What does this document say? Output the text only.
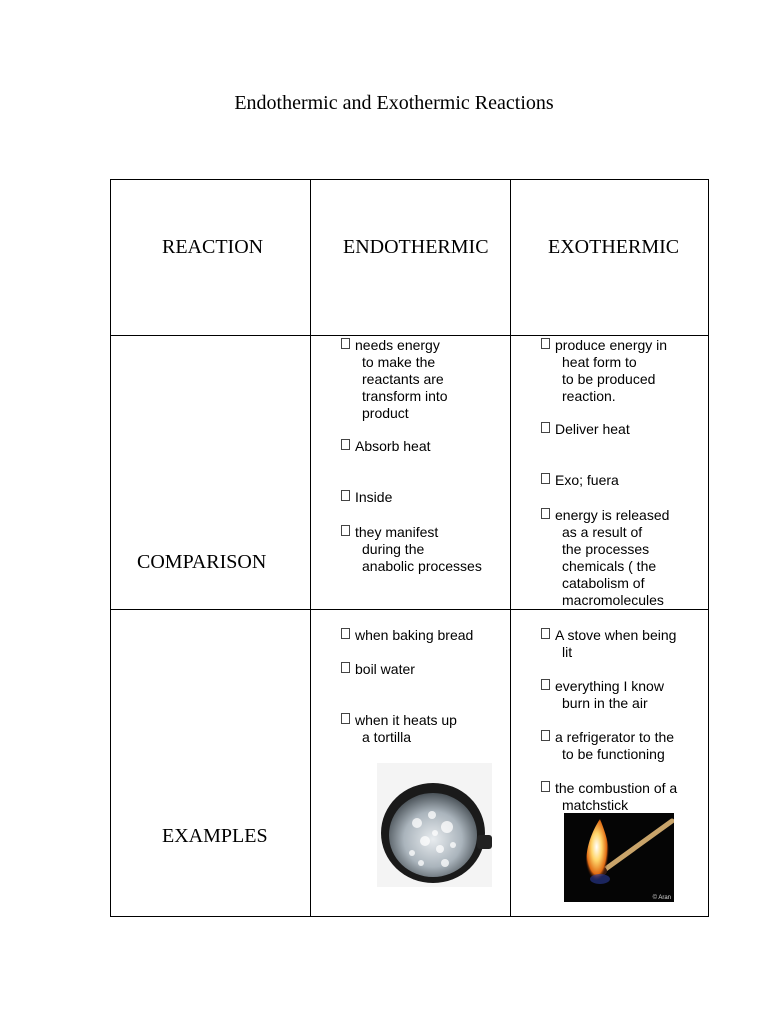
Endothermic and Exothermic Reactions
REACTION	ENDOTHERMIC	EXOTHERMIC
COMPARISON
EXAMPLES
needs energy
to make the
reactants are
transform into
product
Absorb heat
Inside
they manifest
during the
anabolic processes
produce energy in
heat form to
to be produced
reaction.
Deliver heat
Exo; fuera
energy is released
as a result of
the processes
chemicals ( the
catabolism of
macromolecules
when baking bread
boil water
when it heats up
a tortilla
A stove when being
lit
everything I know
burn in the air
a refrigerator to the
to be functioning
the combustion of a
matchstick
© Aran
